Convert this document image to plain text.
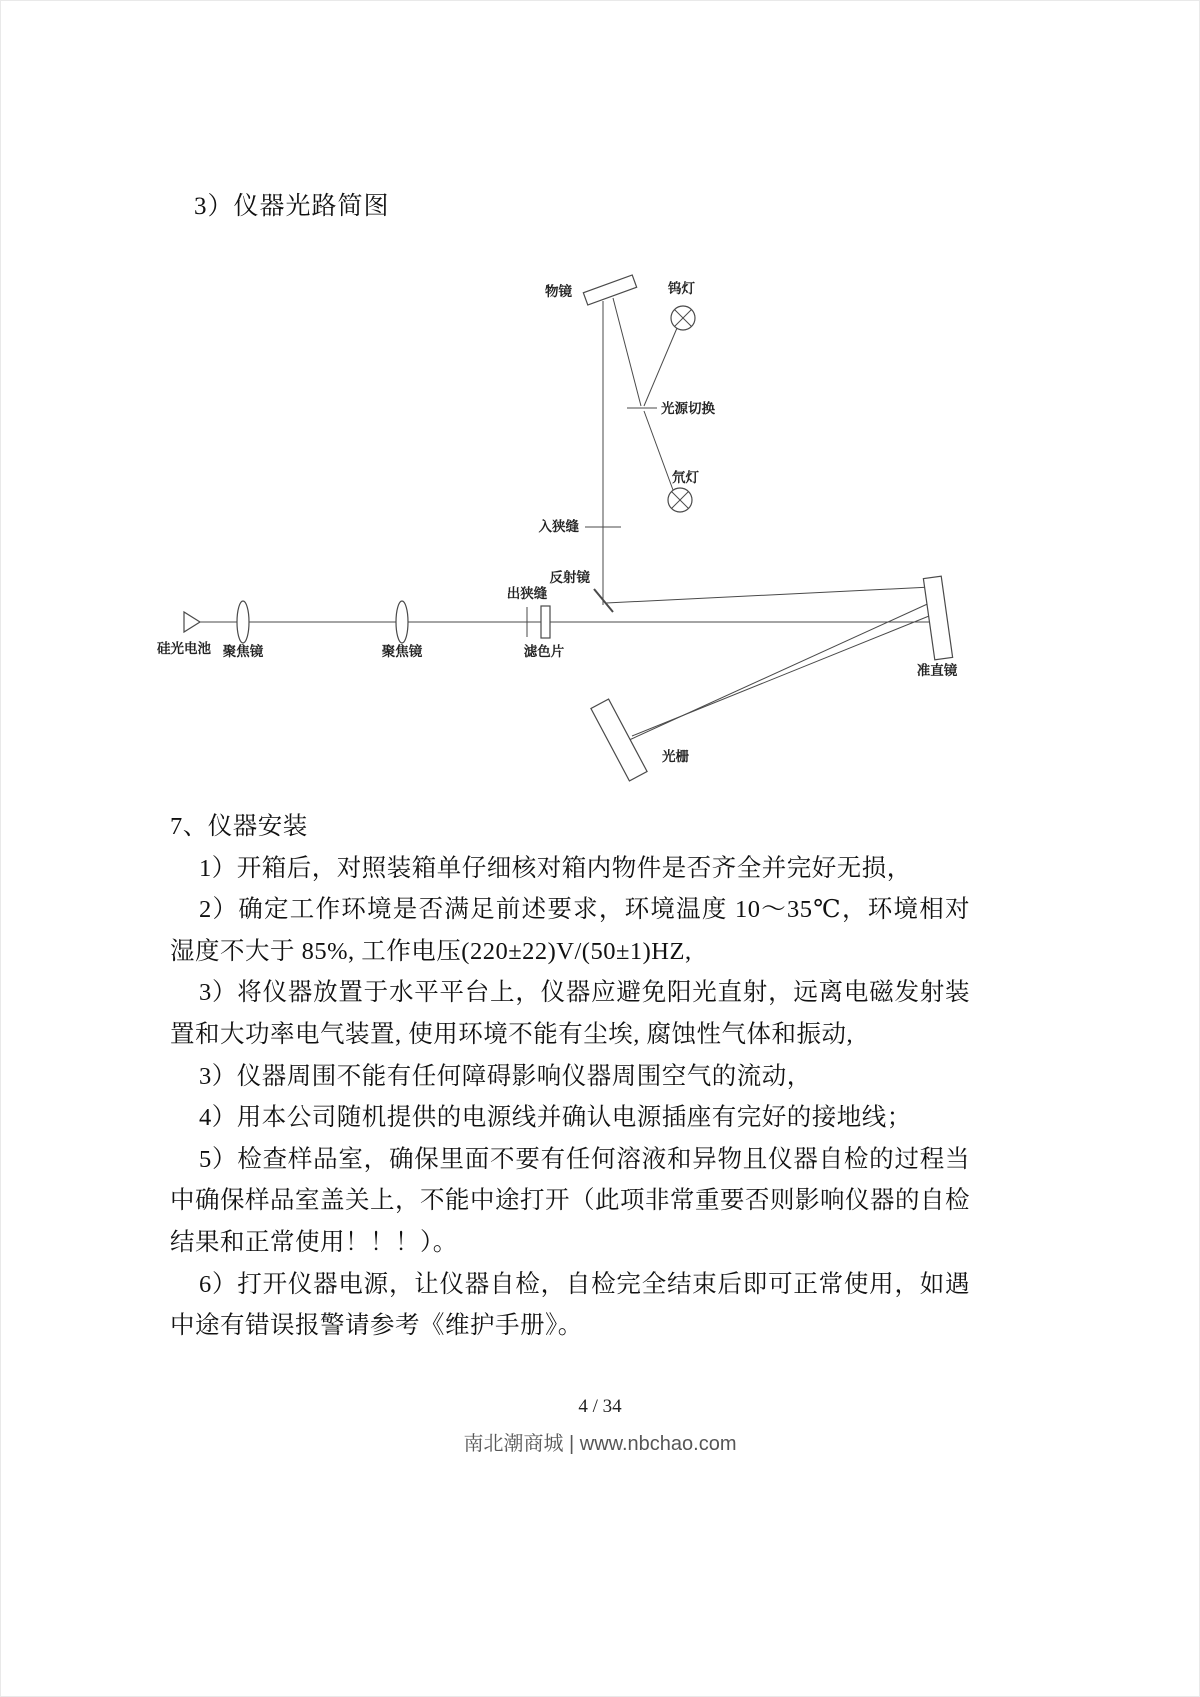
3）仪器光路简图
物镜	钨灯
光源切换
氘灯
入狭缝
反射镜
出狭缝
滤色片
硅光电池 聚焦镜	聚焦镜
准直镜
光栅
7、仪器安装

1）开箱后，对照装箱单仔细核对箱内物件是否齐全并完好无损，

2）确定工作环境是否满足前述要求，环境温度 10～35℃，环境相对湿度不大于 85%, 工作电压(220±22)V/(50±1)HZ,

3）将仪器放置于水平平台上，仪器应避免阳光直射，远离电磁发射装置和大功率电气装置, 使用环境不能有尘埃, 腐蚀性气体和振动,

3）仪器周围不能有任何障碍影响仪器周围空气的流动，

4）用本公司随机提供的电源线并确认电源插座有完好的接地线；

5）检查样品室，确保里面不要有任何溶液和异物且仪器自检的过程当中确保样品室盖关上，不能中途打开（此项非常重要否则影响仪器的自检结果和正常使用！！！）。

6）打开仪器电源，让仪器自检，自检完全结束后即可正常使用，如遇中途有错误报警请参考《维护手册》。

4 / 34
南北潮商城 | www.nbchao.com
